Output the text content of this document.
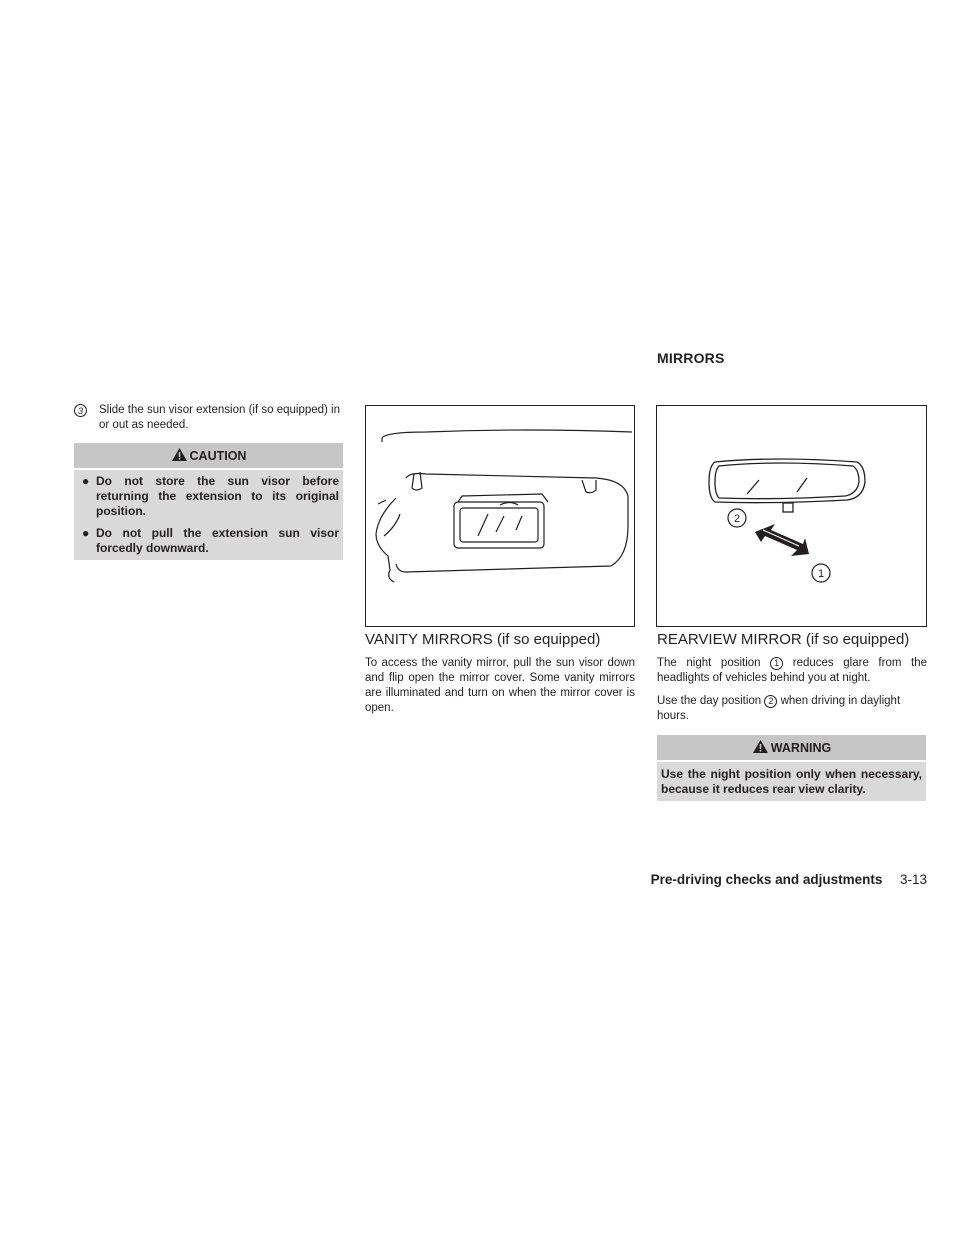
3	Slide the sun visor extension (if so equipped) in or out as needed.
CAUTION
● Do not store the sun visor before returning the extension to its original position.
● Do not pull the extension sun visor forcedly downward.
VANITY MIRRORS (if so equipped)
To access the vanity mirror, pull the sun visor down and flip open the mirror cover. Some vanity mirrors are illuminated and turn on when the mirror cover is open.
MIRRORS
2
1
REARVIEW MIRROR (if so equipped)
The night position 1 reduces glare from the headlights of vehicles behind you at night.
Use the day position 2 when driving in daylight hours.
WARNING
Use the night position only when necessary, because it reduces rear view clarity.
Pre-driving checks and adjustments 3-13
